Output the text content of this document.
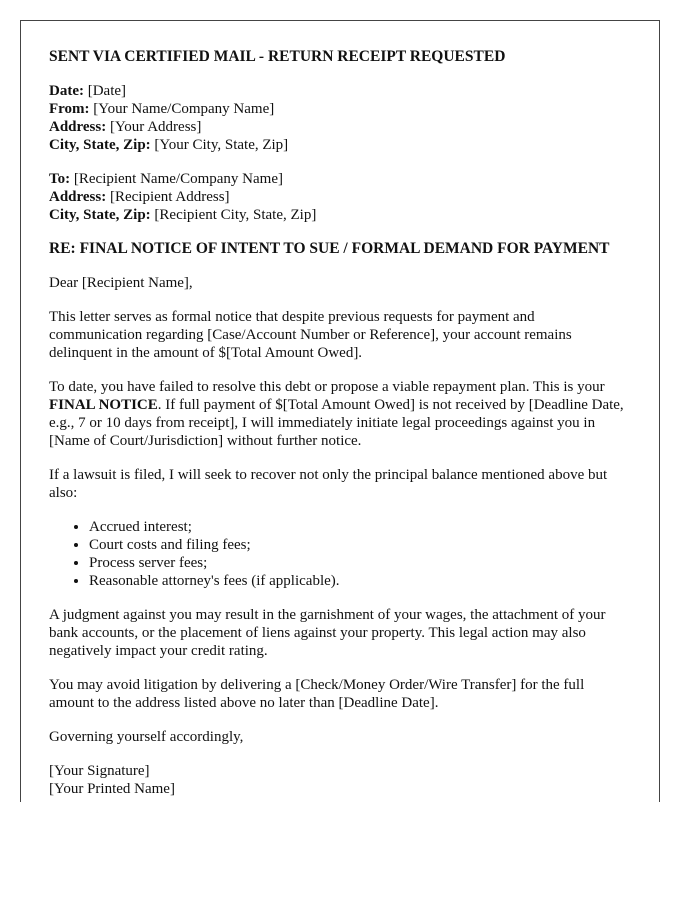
SENT VIA CERTIFIED MAIL - RETURN RECEIPT REQUESTED

Date: [Date]
From: [Your Name/Company Name]
Address: [Your Address]
City, State, Zip: [Your City, State, Zip]

To: [Recipient Name/Company Name]
Address: [Recipient Address]
City, State, Zip: [Recipient City, State, Zip]

RE: FINAL NOTICE OF INTENT TO SUE / FORMAL DEMAND FOR PAYMENT

Dear [Recipient Name],

This letter serves as formal notice that despite previous requests for payment and communication regarding [Case/Account Number or Reference], your account remains delinquent in the amount of $[Total Amount Owed].

To date, you have failed to resolve this debt or propose a viable repayment plan. This is your FINAL NOTICE. If full payment of $[Total Amount Owed] is not received by [Deadline Date, e.g., 7 or 10 days from receipt], I will immediately initiate legal proceedings against you in [Name of Court/Jurisdiction] without further notice.

If a lawsuit is filed, I will seek to recover not only the principal balance mentioned above but also:

• Accrued interest;
• Court costs and filing fees;
• Process server fees;
• Reasonable attorney's fees (if applicable).

A judgment against you may result in the garnishment of your wages, the attachment of your bank accounts, or the placement of liens against your property. This legal action may also negatively impact your credit rating.

You may avoid litigation by delivering a [Check/Money Order/Wire Transfer] for the full amount to the address listed above no later than [Deadline Date].

Governing yourself accordingly,

[Your Signature]
[Your Printed Name]
